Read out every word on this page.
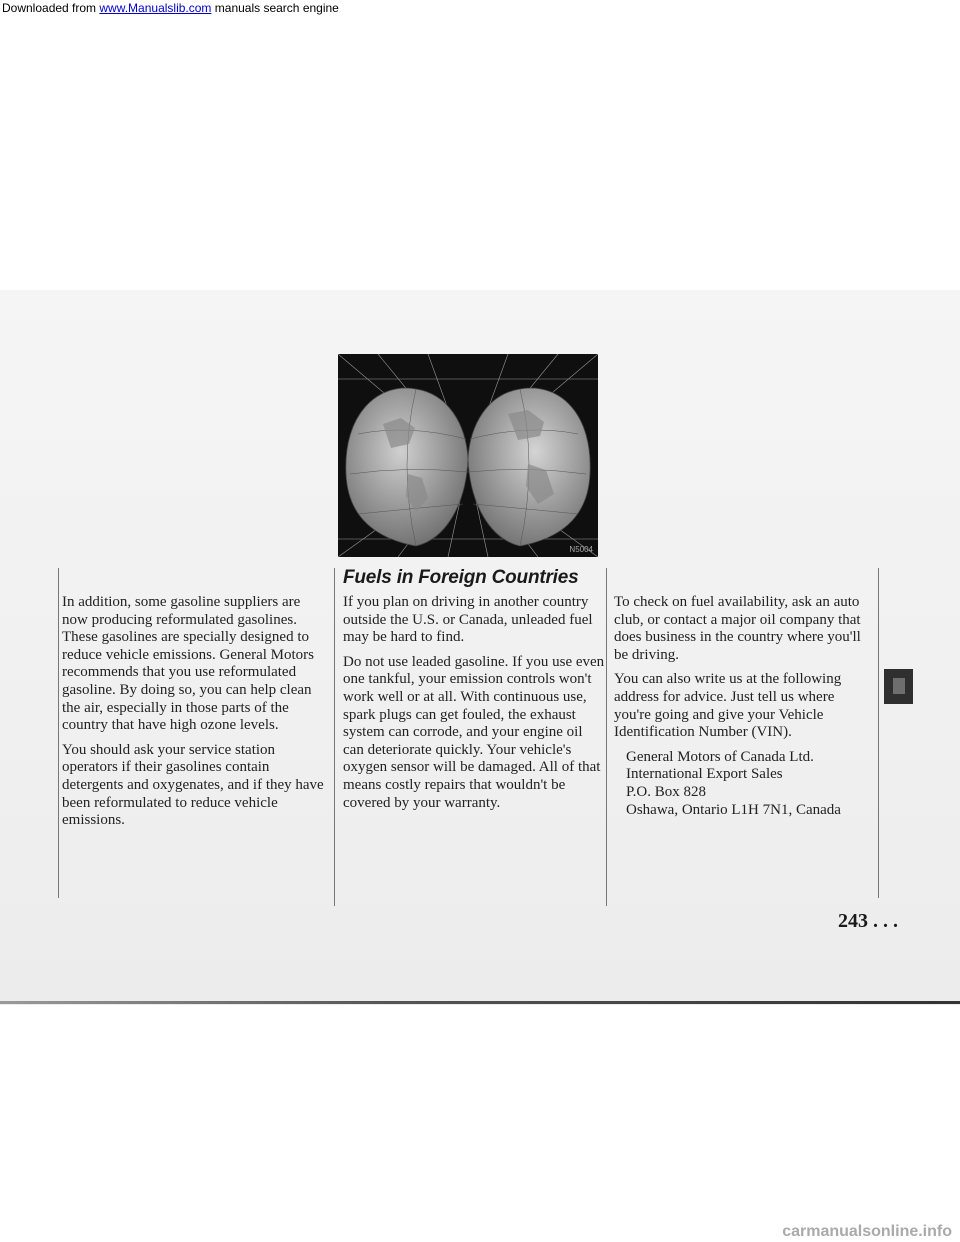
Downloaded from www.Manualslib.com manuals search engine
N5004

In addition, some gasoline suppliers are now producing reformulated gasolines. These gasolines are specially designed to reduce vehicle emissions. General Motors recommends that you use reformulated gasoline. By doing so, you can help clean the air, especially in those parts of the country that have high ozone levels.

You should ask your service station operators if their gasolines contain detergents and oxygenates, and if they have been reformulated to reduce vehicle emissions.

Fuels in Foreign Countries

If you plan on driving in another country outside the U.S. or Canada, unleaded fuel may be hard to find.

Do not use leaded gasoline. If you use even one tankful, your emission controls won't work well or at all. With continuous use, spark plugs can get fouled, the exhaust system can corrode, and your engine oil can deteriorate quickly. Your vehicle's oxygen sensor will be damaged. All of that means costly repairs that wouldn't be covered by your warranty.

To check on fuel availability, ask an auto club, or contact a major oil company that does business in the country where you'll be driving.

You can also write us at the following address for advice. Just tell us where you're going and give your Vehicle Identification Number (VIN).

General Motors of Canada Ltd.
International Export Sales
P.O. Box 828
Oshawa, Ontario L1H 7N1, Canada
243 . . .
carmanualsonline.info
